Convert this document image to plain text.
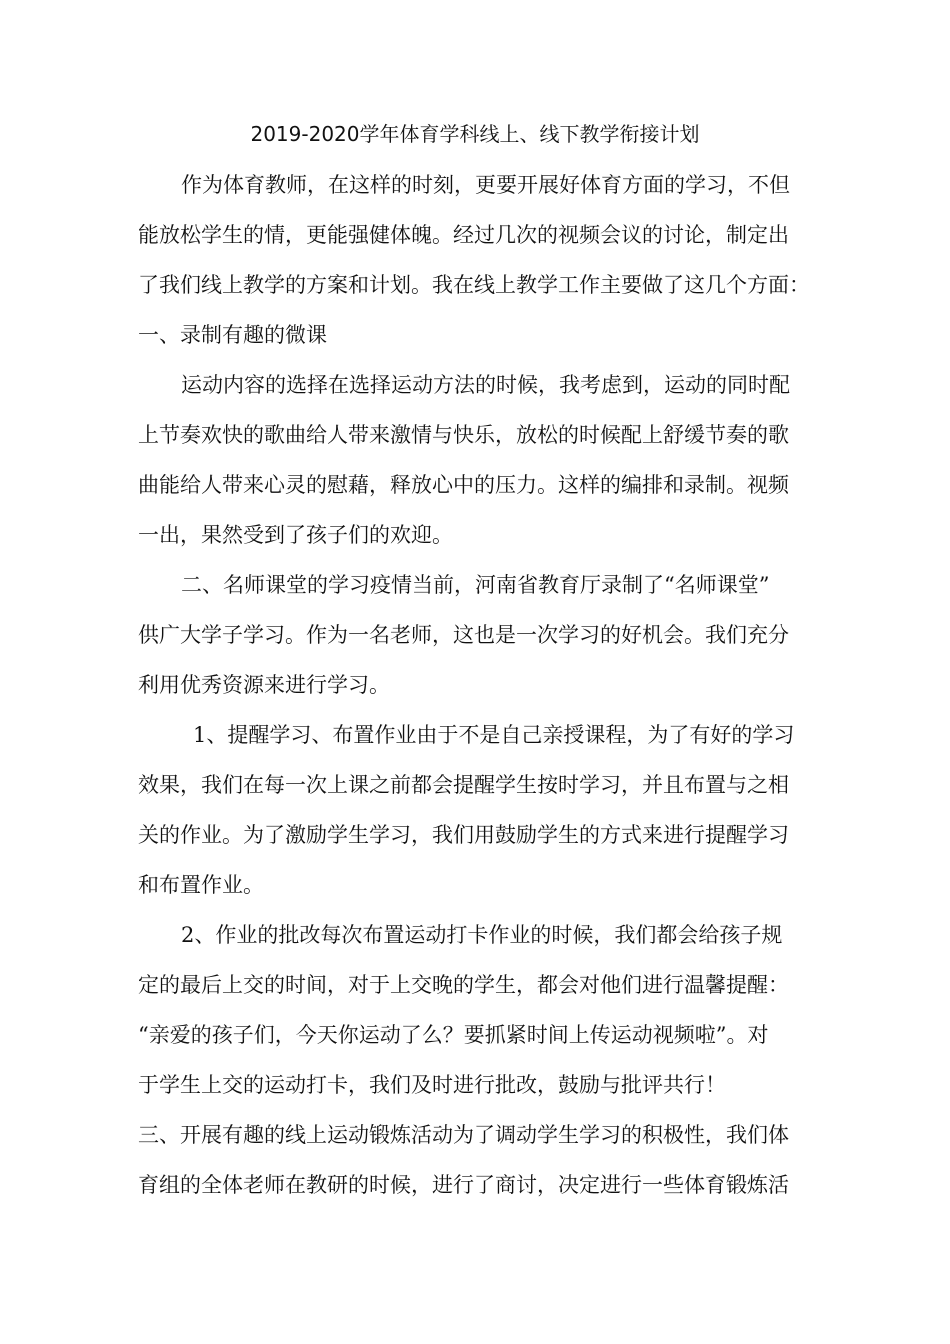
2019-2020学年体育学科线上、线下教学衔接计划
作为体育教师，在这样的时刻，更要开展好体育方面的学习，不但
能放松学生的情，更能强健体魄。经过几次的视频会议的讨论，制定出
了我们线上教学的方案和计划。我在线上教学工作主要做了这几个方面：
一、录制有趣的微课
运动内容的选择在选择运动方法的时候，我考虑到，运动的同时配
上节奏欢快的歌曲给人带来激情与快乐，放松的时候配上舒缓节奏的歌
曲能给人带来心灵的慰藉，释放心中的压力。这样的编排和录制。视频
一出，果然受到了孩子们的欢迎。
二、名师课堂的学习疫情当前，河南省教育厅录制了“名师课堂”
供广大学子学习。作为一名老师，这也是一次学习的好机会。我们充分
利用优秀资源来进行学习。
1、提醒学习、布置作业由于不是自己亲授课程，为了有好的学习
效果，我们在每一次上课之前都会提醒学生按时学习，并且布置与之相
关的作业。为了激励学生学习，我们用鼓励学生的方式来进行提醒学习
和布置作业。
2、作业的批改每次布置运动打卡作业的时候，我们都会给孩子规
定的最后上交的时间，对于上交晚的学生，都会对他们进行温馨提醒：
“亲爱的孩子们，今天你运动了么？要抓紧时间上传运动视频啦”。对
于学生上交的运动打卡，我们及时进行批改，鼓励与批评共行！
三、开展有趣的线上运动锻炼活动为了调动学生学习的积极性，我们体
育组的全体老师在教研的时候，进行了商讨，决定进行一些体育锻炼活
